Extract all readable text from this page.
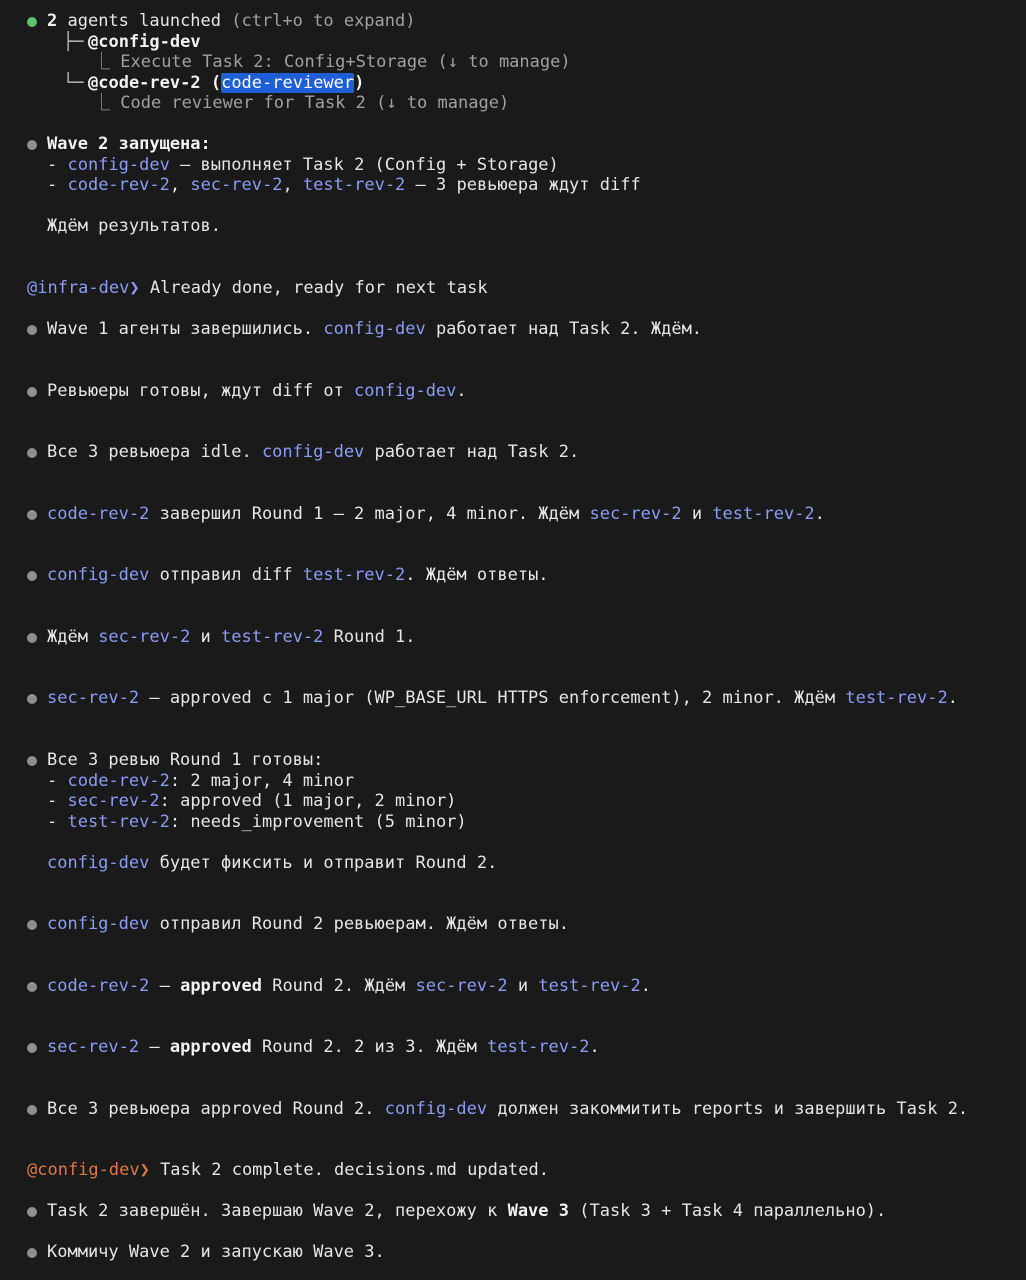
2 agents launched (ctrl+o to expand)
├─
@config-dev
⎿ Execute Task 2: Config+Storage (↓ to manage)
└─
@code-rev-2 (code-reviewer)
⎿ Code reviewer for Task 2 (↓ to manage)
Wave 2 запущена:
- config-dev — выполняет Task 2 (Config + Storage)
- code-rev-2, sec-rev-2, test-rev-2 — 3 ревьюера ждут diff
Ждём результатов.
@infra-dev❯ Already done, ready for next task
Wave 1 агенты завершились. config-dev работает над Task 2. Ждём.
Ревьюеры готовы, ждут diff от config-dev.
Все 3 ревьюера idle. config-dev работает над Task 2.
code-rev-2 завершил Round 1 — 2 major, 4 minor. Ждём sec-rev-2 и test-rev-2.
config-dev отправил diff test-rev-2. Ждём ответы.
Ждём sec-rev-2 и test-rev-2 Round 1.
sec-rev-2 — approved с 1 major (WP_BASE_URL HTTPS enforcement), 2 minor. Ждём test-rev-2.
Все 3 ревью Round 1 готовы:
- code-rev-2: 2 major, 4 minor
- sec-rev-2: approved (1 major, 2 minor)
- test-rev-2: needs_improvement (5 minor)
config-dev будет фиксить и отправит Round 2.
config-dev отправил Round 2 ревьюерам. Ждём ответы.
code-rev-2 — approved Round 2. Ждём sec-rev-2 и test-rev-2.
sec-rev-2 — approved Round 2. 2 из 3. Ждём test-rev-2.
Все 3 ревьюера approved Round 2. config-dev должен закоммитить reports и завершить Task 2.
@config-dev❯ Task 2 complete. decisions.md updated.
Task 2 завершён. Завершаю Wave 2, перехожу к Wave 3 (Task 3 + Task 4 параллельно).
Коммичу Wave 2 и запускаю Wave 3.
